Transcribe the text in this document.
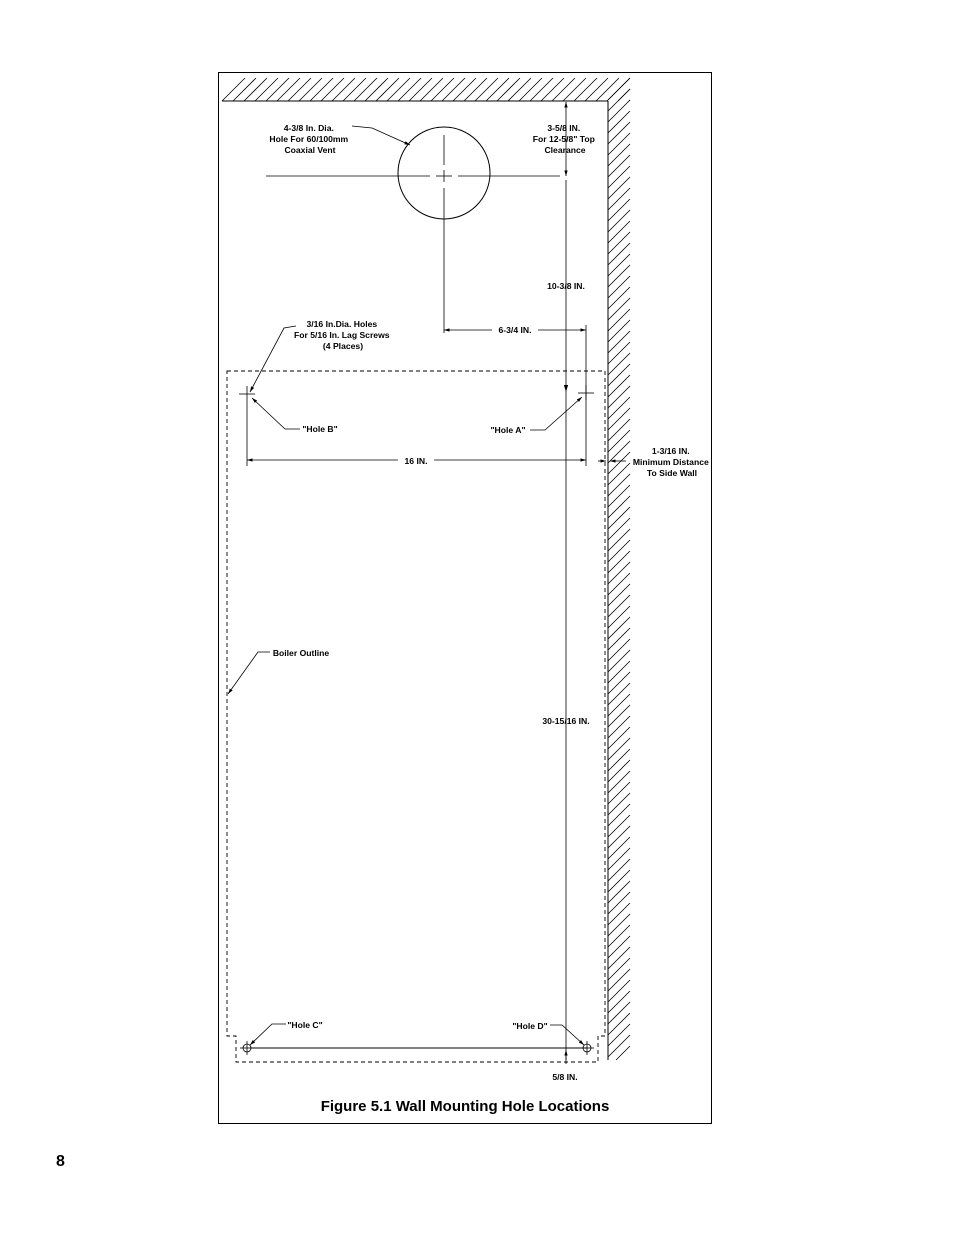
4-3/8 In. Dia. Hole For 60/100mm Coaxial Vent
3-5/8 IN. For 12-5/8" Top Clearance
10-3/8 IN.
3/16 In.Dia. Holes For 5/16 In. Lag Screws (4 Places)
6-3/4 IN.
"Hole B"	"Hole A"
1-3/16 IN. Minimum Distance To Side Wall
16 IN.
Boiler Outline
30-15/16 IN.
"Hole C"	"Hole D"
5/8 IN.
Figure 5.1 Wall Mounting Hole Locations
8
